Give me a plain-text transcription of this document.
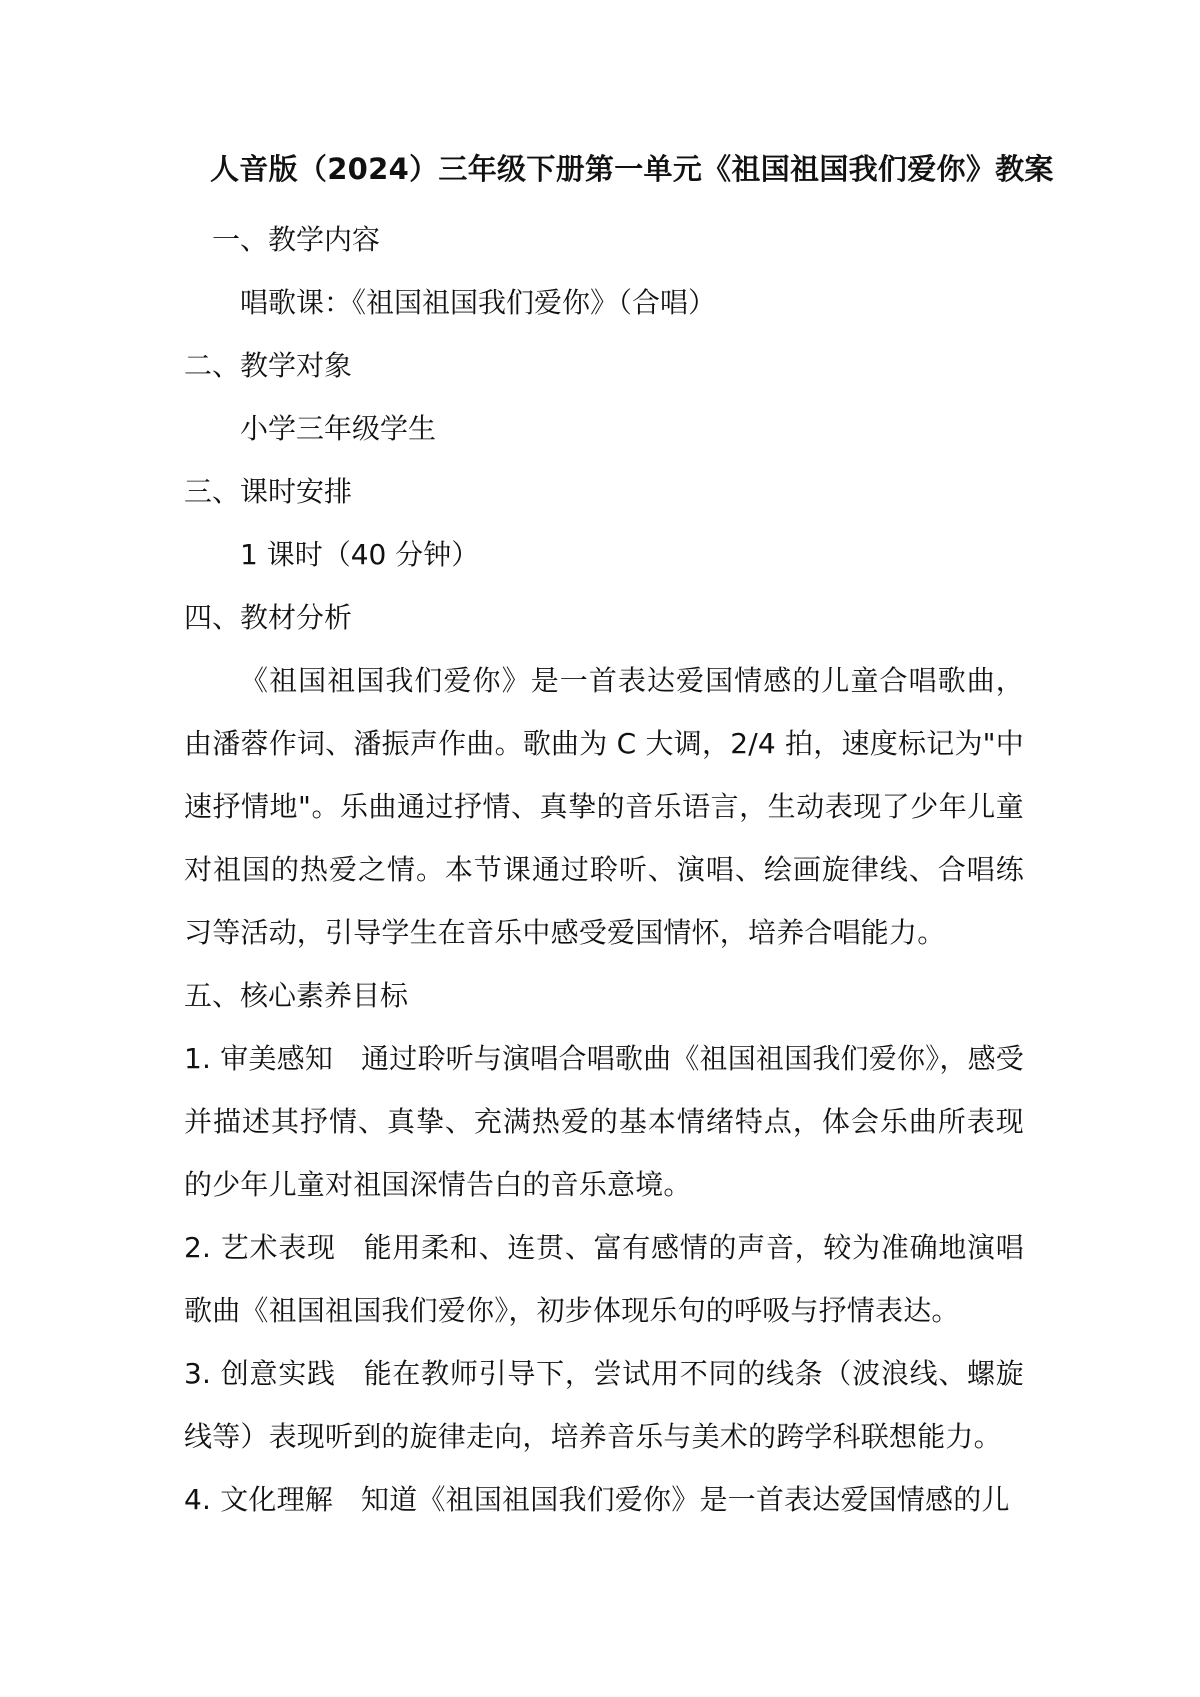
人音版（2024）三年级下册第一单元《祖国祖国我们爱你》教案
一、教学内容
唱歌课：《祖国祖国我们爱你》（合唱）
二、教学对象
小学三年级学生
三、课时安排
1 课时（40 分钟）
四、教材分析

《祖国祖国我们爱你》是一首表达爱国情感的儿童合唱歌曲，由潘蓉作词、潘振声作曲。歌曲为 C 大调，2/4 拍，速度标记为"中速抒情地"。乐曲通过抒情、真挚的音乐语言，生动表现了少年儿童对祖国的热爱之情。本节课通过聆听、演唱、绘画旋律线、合唱练习等活动，引导学生在音乐中感受爱国情怀，培养合唱能力。

五、核心素养目标

1. 审美感知 通过聆听与演唱合唱歌曲《祖国祖国我们爱你》，感受并描述其抒情、真挚、充满热爱的基本情绪特点，体会乐曲所表现的少年儿童对祖国深情告白的音乐意境。

2. 艺术表现 能用柔和、连贯、富有感情的声音，较为准确地演唱歌曲《祖国祖国我们爱你》，初步体现乐句的呼吸与抒情表达。

3. 创意实践 能在教师引导下，尝试用不同的线条（波浪线、螺旋线等）表现听到的旋律走向，培养音乐与美术的跨学科联想能力。

4. 文化理解 知道《祖国祖国我们爱你》是一首表达爱国情感的儿
